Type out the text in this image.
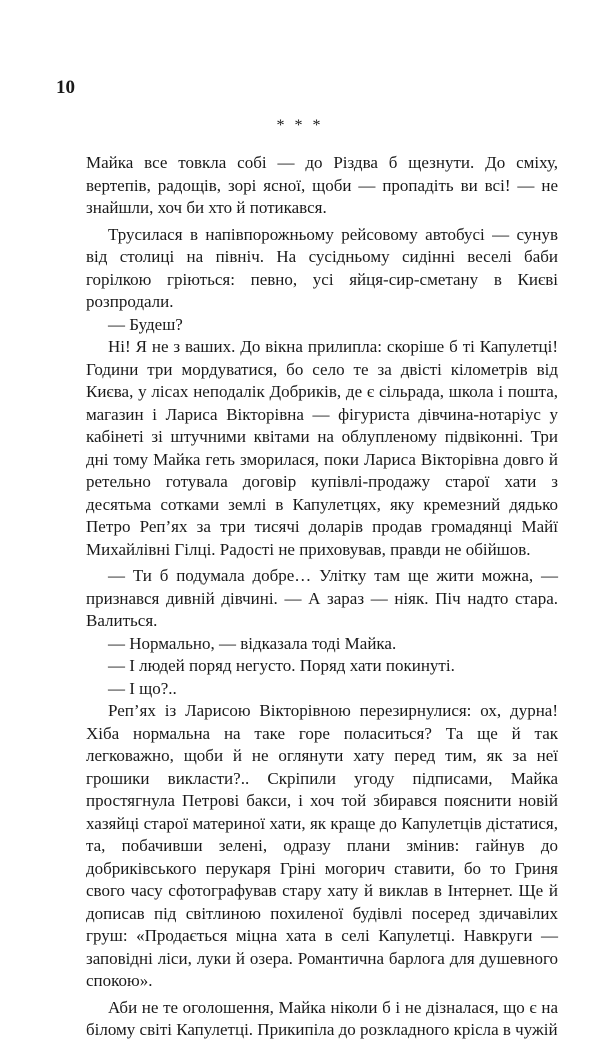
10
* * *

Майка все товкла собі — до Різдва б щезнути. До сміху, вертепів, радощів, зорі ясної, щоби — пропадіть ви всі! — не знайшли, хоч би хто й потикався.

Трусилася в напівпорожньому рейсовому автобусі — сунув від столиці на північ. На сусідньому сидінні веселі баби горілкою гріються: певно, усі яйця-сир-сметану в Києві розпродали.

— Будеш?

Ні! Я не з ваших. До вікна прилипла: скоріше б ті Капулетці! Години три мордуватися, бо село те за двісті кілометрів від Києва, у лісах неподалік Добриків, де є сільрада, школа і пошта, магазин і Лариса Вікторівна — фігуриста дівчина-нотаріус у кабінеті зі штучними квітами на облупленому підвіконні. Три дні тому Майка геть зморилася, поки Лариса Вікторівна довго й ретельно готувала договір купівлі-продажу старої хати з десятьма сотками землі в Капулетцях, яку кремезний дядько Петро Реп’ях за три тисячі доларів продав громадянці Майї Михайлівні Гілці. Радості не приховував, правди не обійшов.

— Ти б подумала добре… Улітку там ще жити можна, — признався дивній дівчині. — А зараз — ніяк. Піч надто стара. Валиться.

— Нормально, — відказала тоді Майка.

— І людей поряд негусто. Поряд хати покинуті.

— І що?..

Реп’ях із Ларисою Вікторівною перезирнулися: ох, дурна! Хіба нормальна на таке горе поласиться? Та ще й так легковажно, щоби й не оглянути хату перед тим, як за неї грошики викласти?.. Скріпили угоду підписами, Майка простягнула Петрові бакси, і хоч той збирався пояснити новій хазяйці старої материної хати, як краще до Капулетців дістатися, та, побачивши зелені, одразу плани змінив: гайнув до добриківського перукаря Гріні могорич ставити, бо то Гриня свого часу сфотографував стару хату й виклав в Інтернет. Ще й дописав під світлиною похиленої будівлі посеред здичавілих груш: «Продається міцна хата в селі Капулетці. Навкруги — заповідні ліси, луки й озера. Романтична барлога для душевного спокою».

Аби не те оголошення, Майка ніколи б і не дізналася, що є на білому світі Капулетці. Прикипіла до розкладного крісла в чужій
